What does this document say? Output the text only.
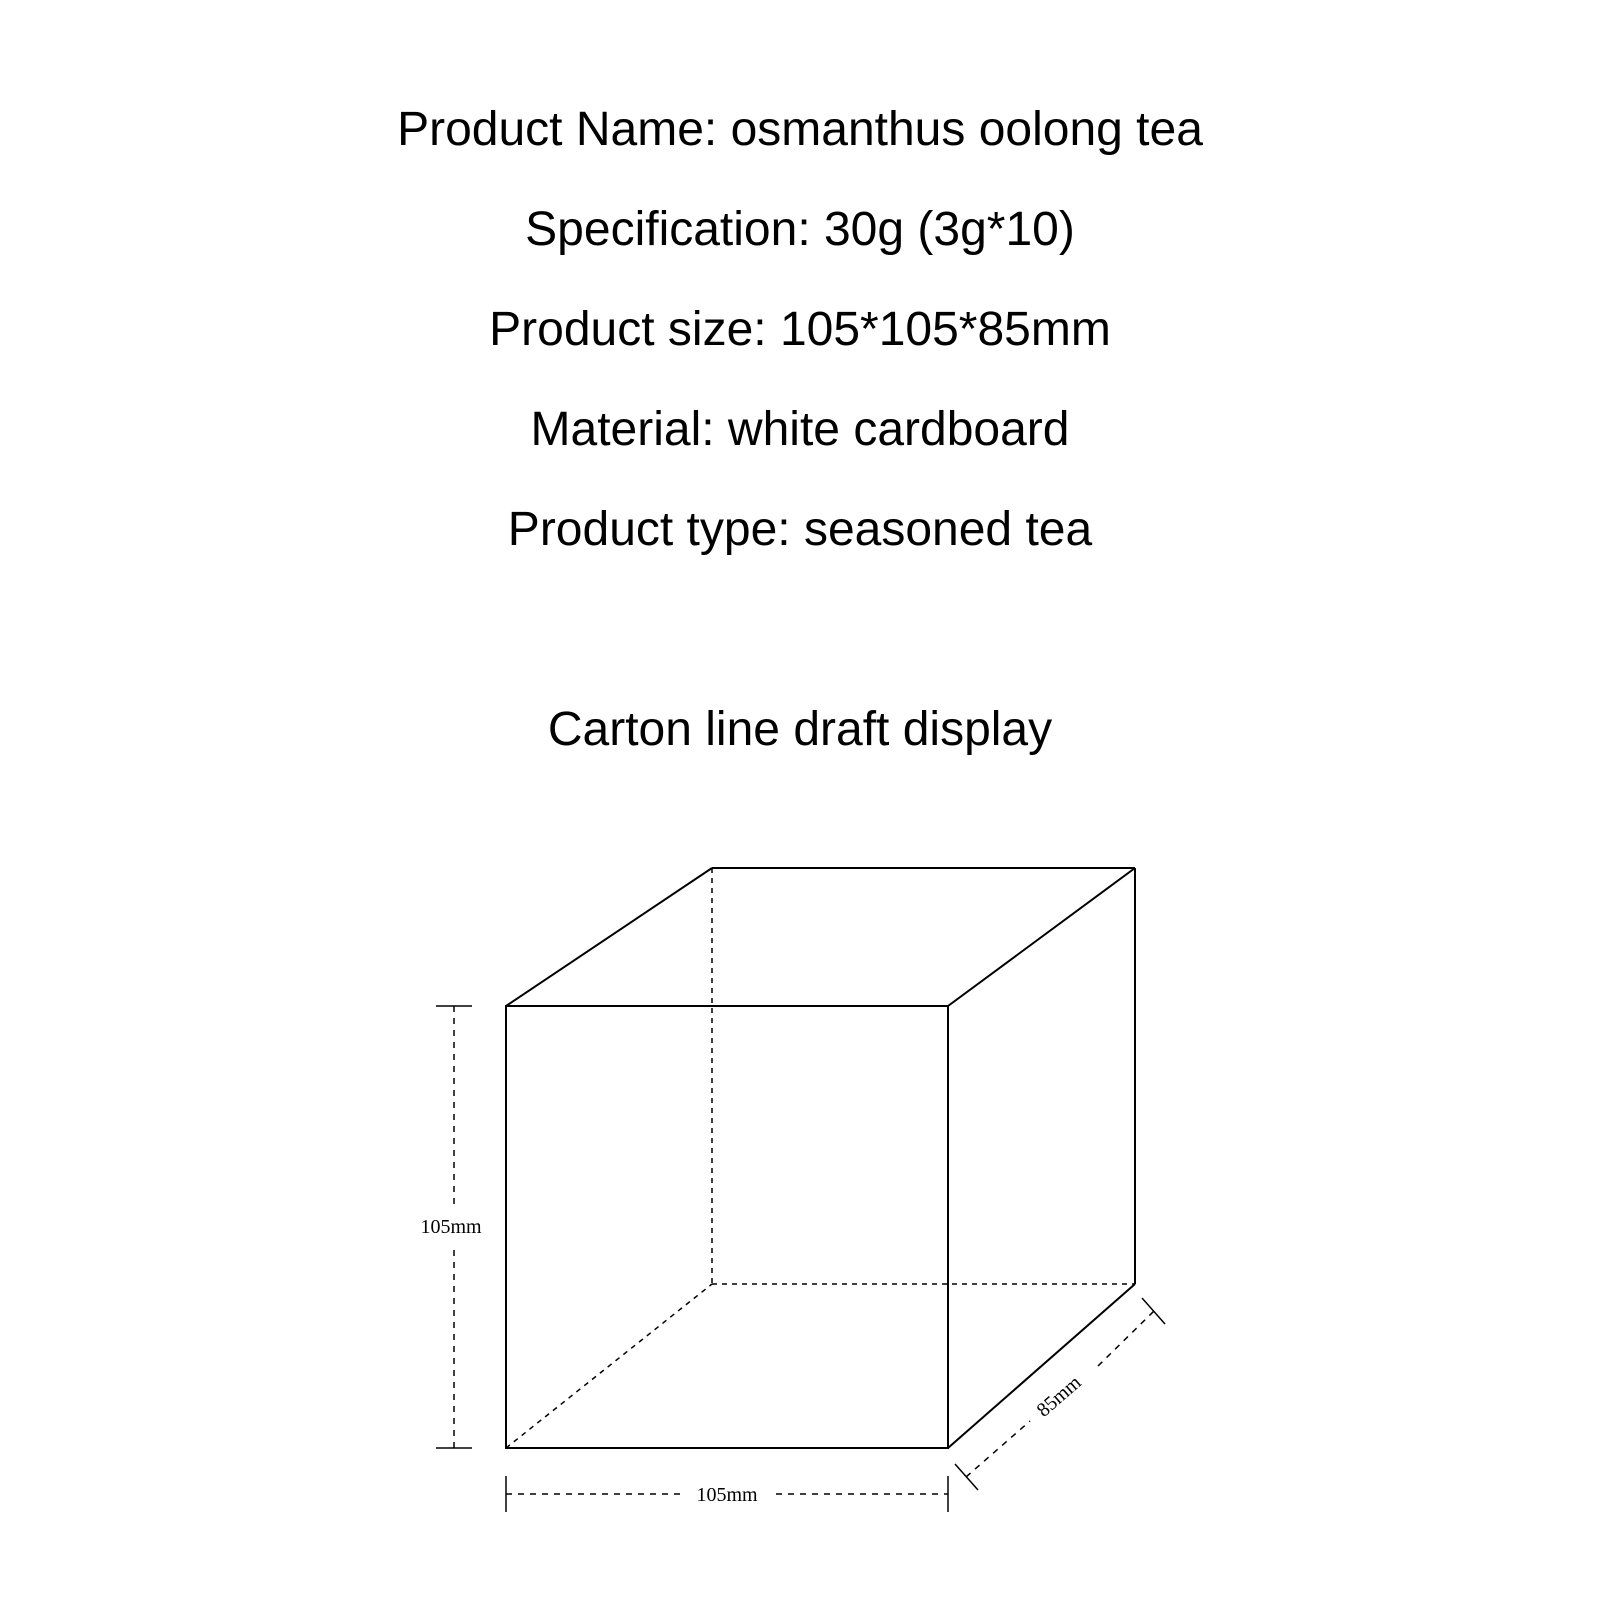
Product Name: osmanthus oolong tea
Specification: 30g (3g*10)
Product size: 105*105*85mm
Material: white cardboard
Product type: seasoned tea
Carton line draft display
105mm
105mm
85mm
